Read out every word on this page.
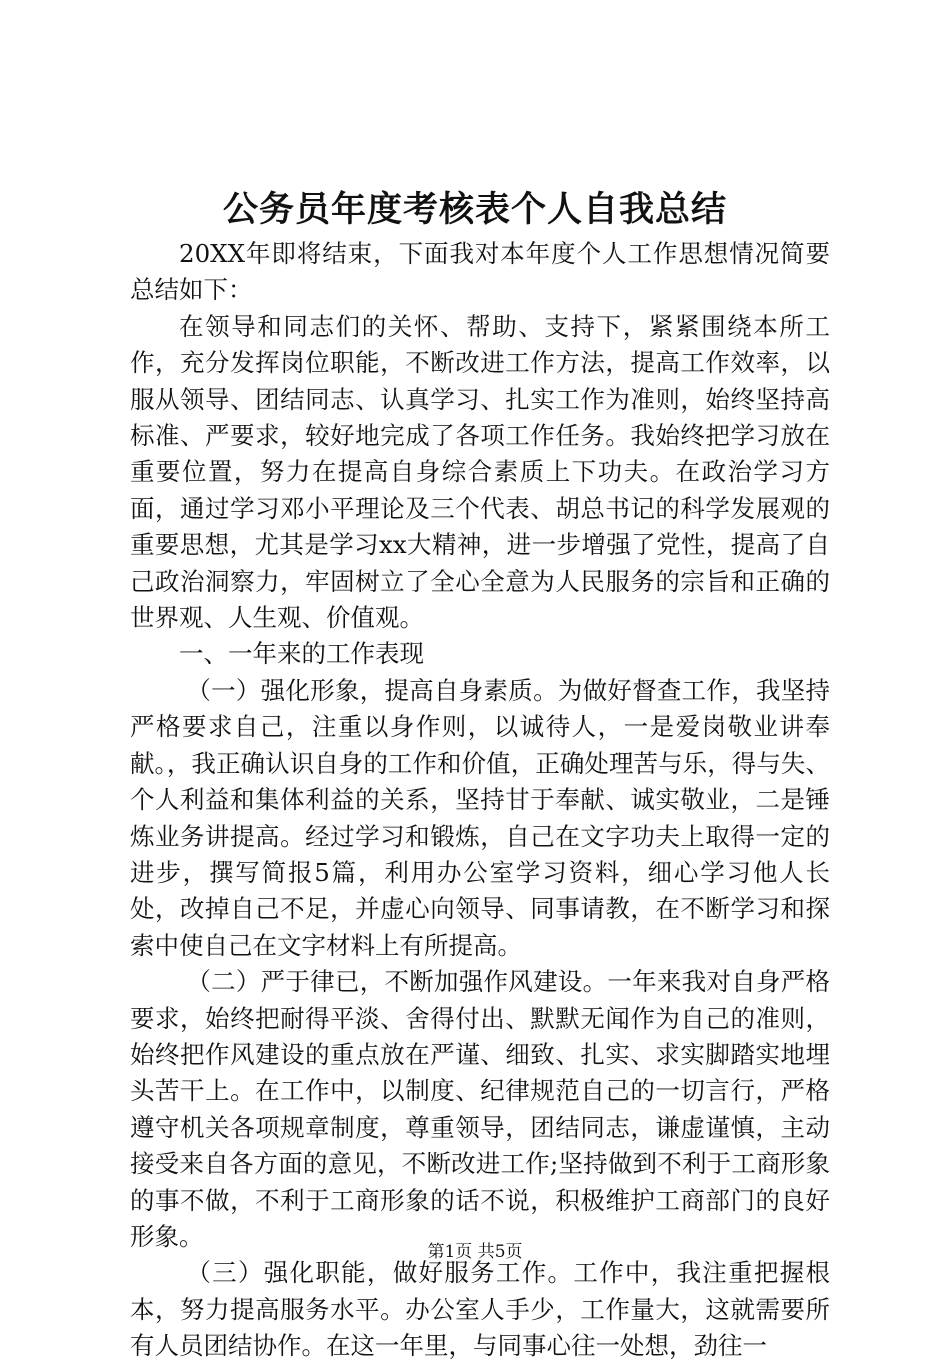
公务员年度考核表个人自我总结

20XX年即将结束，下面我对本年度个人工作思想情况简要总结如下：

在领导和同志们的关怀、帮助、支持下，紧紧围绕本所工作，充分发挥岗位职能，不断改进工作方法，提高工作效率，以服从领导、团结同志、认真学习、扎实工作为准则，始终坚持高标准、严要求，较好地完成了各项工作任务。我始终把学习放在重要位置，努力在提高自身综合素质上下功夫。在政治学习方面，通过学习邓小平理论及三个代表、胡总书记的科学发展观的重要思想，尤其是学习xx大精神，进一步增强了党性，提高了自己政治洞察力，牢固树立了全心全意为人民服务的宗旨和正确的世界观、人生观、价值观。

一、一年来的工作表现

（一）强化形象，提高自身素质。为做好督查工作，我坚持严格要求自己，注重以身作则，以诚待人，一是爱岗敬业讲奉献。，我正确认识自身的工作和价值，正确处理苦与乐，得与失、个人利益和集体利益的关系，坚持甘于奉献、诚实敬业，二是锤炼业务讲提高。经过学习和锻炼，自己在文字功夫上取得一定的进步，撰写简报5篇，利用办公室学习资料，细心学习他人长处，改掉自己不足，并虚心向领导、同事请教，在不断学习和探索中使自己在文字材料上有所提高。

（二）严于律已，不断加强作风建设。一年来我对自身严格要求，始终把耐得平淡、舍得付出、默默无闻作为自己的准则，始终把作风建设的重点放在严谨、细致、扎实、求实脚踏实地埋头苦干上。在工作中，以制度、纪律规范自己的一切言行，严格遵守机关各项规章制度，尊重领导，团结同志，谦虚谨慎，主动接受来自各方面的意见，不断改进工作;坚持做到不利于工商形象的事不做，不利于工商形象的话不说，积极维护工商部门的良好形象。

（三）强化职能，做好服务工作。工作中，我注重把握根本，努力提高服务水平。办公室人手少，工作量大，这就需要所有人员团结协作。在这一年里，与同事心往一处想，劲往一

第1页 共5页
